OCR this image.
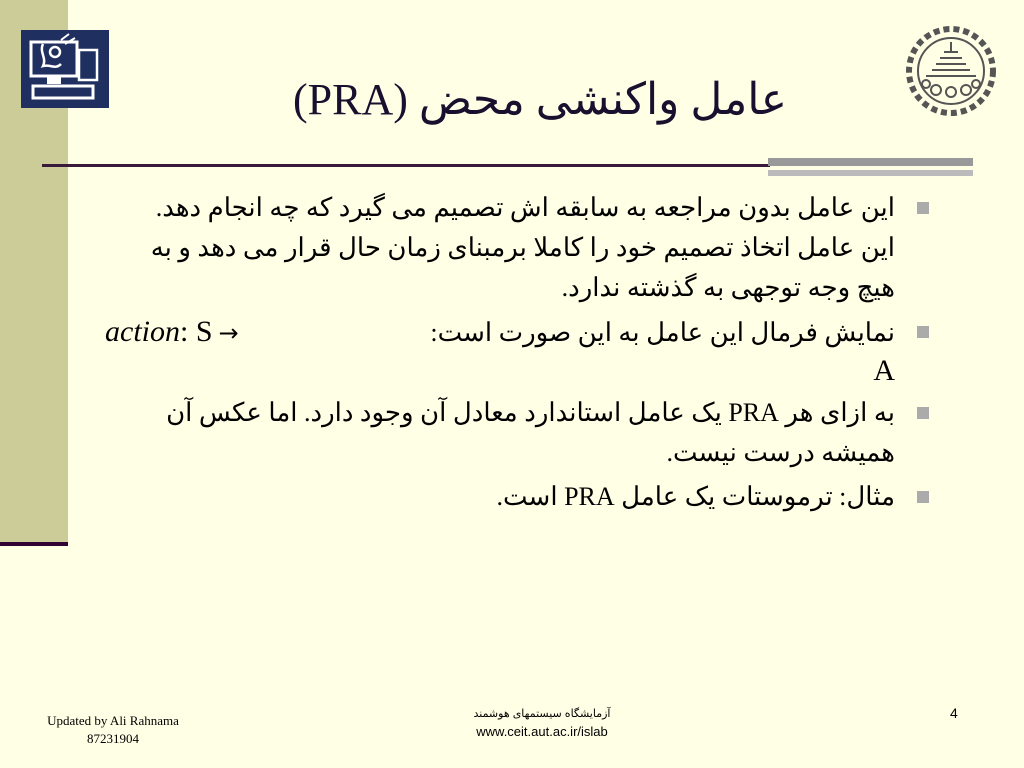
عامل واکنشی محض (PRA)
این عامل بدون مراجعه به سابقه اش تصمیم می گیرد که چه انجام دهد.
این عامل اتخاذ تصمیم خود را کاملا برمبنای زمان حال قرار می دهد و به
هیچ وجه توجهی به گذشته ندارد.
نمایش فرمال این عامل به این صورت است:
action: S →
A
به ازای هر PRA یک عامل استاندارد معادل آن وجود دارد. اما عکس آن
همیشه درست نیست.
مثال: ترموستات یک عامل PRA است.
Updated by Ali Rahnama
87231904
آزمایشگاه سیستمهای هوشمند
www.ceit.aut.ac.ir/islab
4
